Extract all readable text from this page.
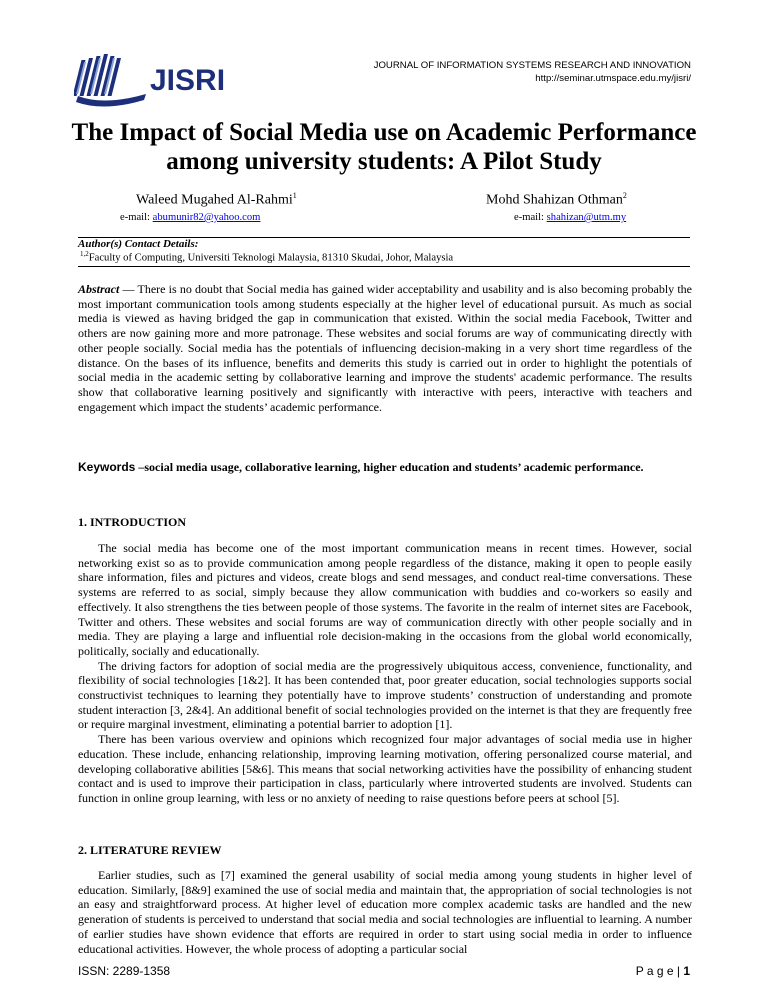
JISRI	JOURNAL OF INFORMATION SYSTEMS RESEARCH AND INNOVATION
http://seminar.utmspace.edu.my/jisri/
The Impact of Social Media use on Academic Performance
among university students: A Pilot Study
Waleed Mugahed Al-Rahmi$^1$
e-mail: abumunir82@yahoo.com
Mohd Shahizan Othman$^2$
e-mail: shahizan@utm.my
Author(s) Contact Details:
$^{1,2}$Faculty of Computing, Universiti Teknologi Malaysia, 81310 Skudai, Johor, Malaysia
Abstract — There is no doubt that Social media has gained wider acceptability and usability and is also becoming probably the most important communication tools among students especially at the higher level of educational pursuit. As much as social media is viewed as having bridged the gap in communication that existed. Within the social media Facebook, Twitter and others are now gaining more and more patronage. These websites and social forums are way of communicating directly with other people socially. Social media has the potentials of influencing decision-making in a very short time regardless of the distance. On the bases of its influence, benefits and demerits this study is carried out in order to highlight the potentials of social media in the academic setting by collaborative learning and improve the students' academic performance. The results show that collaborative learning positively and significantly with interactive with peers, interactive with teachers and engagement which impact the students’ academic performance.
Keywords –social media usage, collaborative learning, higher education and students’ academic performance.
1. INTRODUCTION

The social media has become one of the most important communication means in recent times. However, social networking exist so as to provide communication among people regardless of the distance, making it open to people easily share information, files and pictures and videos, create blogs and send messages, and conduct real-time conversations. These systems are referred to as social, simply because they allow communication with buddies and co-workers so easily and effectively. It also strengthens the ties between people of those systems. The favorite in the realm of internet sites are Facebook, Twitter and others. These websites and social forums are way of communication directly with other people socially and in media. They are playing a large and influential role decision-making in the occasions from the global world economically, politically, socially and educationally.

The driving factors for adoption of social media are the progressively ubiquitous access, convenience, functionality, and flexibility of social technologies [1&2]. It has been contended that, poor greater education, social technologies supports social constructivist techniques to learning they potentially have to improve students’ construction of understanding and promote student interaction [3, 2&4]. An additional benefit of social technologies provided on the internet is that they are frequently free or require marginal investment, eliminating a potential barrier to adoption [1].

There has been various overview and opinions which recognized four major advantages of social media use in higher education. These include, enhancing relationship, improving learning motivation, offering personalized course material, and developing collaborative abilities [5&6]. This means that social networking activities have the possibility of enhancing student contact and is used to improve their participation in class, particularly where introverted students are involved. Students can function in online group learning, with less or no anxiety of needing to raise questions before peers at school [5].

2. LITERATURE REVIEW

Earlier studies, such as [7] examined the general usability of social media among young students in higher level of education. Similarly, [8&9] examined the use of social media and maintain that, the appropriation of social technologies is not an easy and straightforward process. At higher level of education more complex academic tasks are handled and the new generation of students is perceived to understand that social media and social technologies are influential to learning. A number of earlier studies have shown evidence that efforts are required in order to start using social media in order to influence educational activities. However, the whole process of adopting a particular social

ISSN: 2289-1358	P a g e | 1
